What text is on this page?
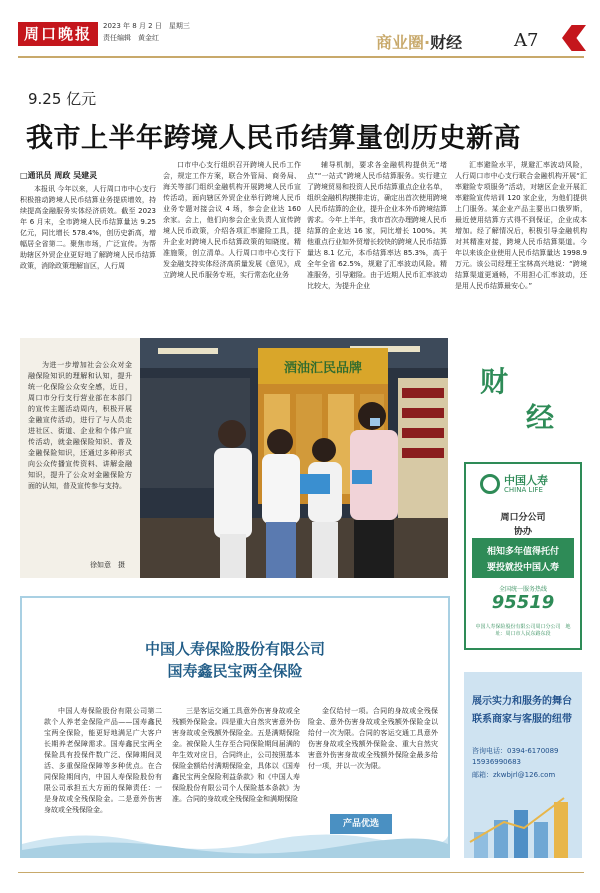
周口晚报	2023 年 8 月 2 日　星期三
责任编辑　黄金红	商业圈·财经	A7
9.25 亿元
我市上半年跨境人民币结算量创历史新高
□通讯员 周政 吴建灵

本报讯 今年以来，人行周口市中心支行积极推动跨境人民币结算业务提质增效，持续提高金融服务实体经济质效。截至 2023 年 6 月末，全市跨境人民币结算量达 9.25 亿元，同比增长 578.4%，创历史新高，增幅居全省第二。聚焦市场，广泛宣传。为帮助辖区外贸企业更好地了解跨境人民币结算政策，消除政策理解盲区，人行周

口市中心支行组织召开跨境人民币工作会，规定工作方案，联合外管局、商务局、海关等部门组织金融机构开展跨境人民币宣传活动，面向辖区外贸企业举行跨境人民币业务专题对接会议 4 场，参会企业达 160 余家。会上，他们向参会企业负责人宣传跨境人民币政策，介绍各项汇率避险工具，提升企业对跨境人民币结算政策的知晓度。精准施策，创立清单。人行周口市中心支行下发金融支持实体经济高质量发展《意见》，成立跨境人民币服务专班，实行常态化业务

辅导机制，要求各金融机构提供无“堵点”“一站式”跨境人民币结算服务。实行建立了跨境贸易和投资人民币结算重点企业名单，组织金融机构摸排走访，确定出首次使用跨境人民币结算的企业，提升企业本外币跨境结算需求。今年上半年，我市首次办理跨境人民币结算的企业达 16 家，同比增长 100%。其他重点行业如外贸增长较快的跨境人民币结算量达 8.1 亿元，本币结算率达 85.3%，高于全年全省 62.5%，规避了汇率波动风险。精准服务，引导避险。由于近期人民币汇率波动比较大，为提升企业

汇率避险水平，规避汇率波动风险，人行周口市中心支行联合金融机构开展“汇率避险专项服务”活动，对辖区企业开展汇率避险宣传培训 120 家企业，为他们提供上门服务。某企业产品主要出口俄罗斯，最近使用结算方式得不到保证，企业成本增加。经了解情况后，积极引导金融机构对其精准对接，跨境人民币结算渠道。今年以来该企业使用人民币结算量达 1998.9 万元。该公司经理王宝林高兴地说：“跨境结算渠道更通畅，不用担心汇率波动，还是用人民币结算最安心。”

为进一步增加社会公众对金融保险知识的理解和认知，提升统一化保险公众安全感，近日，周口市分行支行营业部在本部门的宣传主题活动周内，积极开展金融宣传活动，进行了与人员走进社区、街道、企业和个体户宣传活动，就金融保险知识、普及金融保险知识，还通过多种形式向公众传播宣传资料、讲解金融知识，提升了公众对金融保险方面的认知，普及宣传参与支持。
徐如意　摄
酒油汇民品牌
中国人寿保险股份有限公司
国寿鑫民宝两全保险

中国人寿保险股份有限公司第二款个人养老金保险产品——国寿鑫民宝两全保险，能更好地满足广大客户长期养老保障需求。国寿鑫民宝两全保险具有投保件数广泛、保障期间灵活、多重保险保障等多种优点。在合同保险期间内，中国人寿保险股份有限公司承担五大方面的保障责任：一是身故或全残保险金。二是意外伤害身故或全残保险金。

三是客运交通工具意外伤害身故或全残额外保险金。四是重大自然灾害意外伤害身故或全残额外保险金。五是满期保险金。被保险人生存至合同保险期间届满的年生效对应日，合同终止，公司按照基本保险金额给付满期保险金，具体以《国寿鑫民宝两全保险利益条款》和《中国人寿保险股份有限公司个人保险基本条款》为准。合同的身故或全残保险金和满期保险

金仅给付一项。合同的身故或全残保险金、意外伤害身故或全残额外保险金以给付一次为限。合同的客运交通工具意外伤害身故或全残额外保险金、重大自然灾害意外伤害身故或全残额外保险金最多给付一项，并以一次为限。

产品优选
财
经
中国人寿
CHINA LIFE
周口分公司
协办
相知多年值得托付
要投就投中国人寿
全国统一服务热线
95519
中国人寿保险股份有限公司周口分公司　地址：周口市人民东路东段
展示实力和服务的舞台
联系商家与客服的纽带
咨询电话：0394-6170089
15936990683
邮箱：zkwbjrl@126.com
